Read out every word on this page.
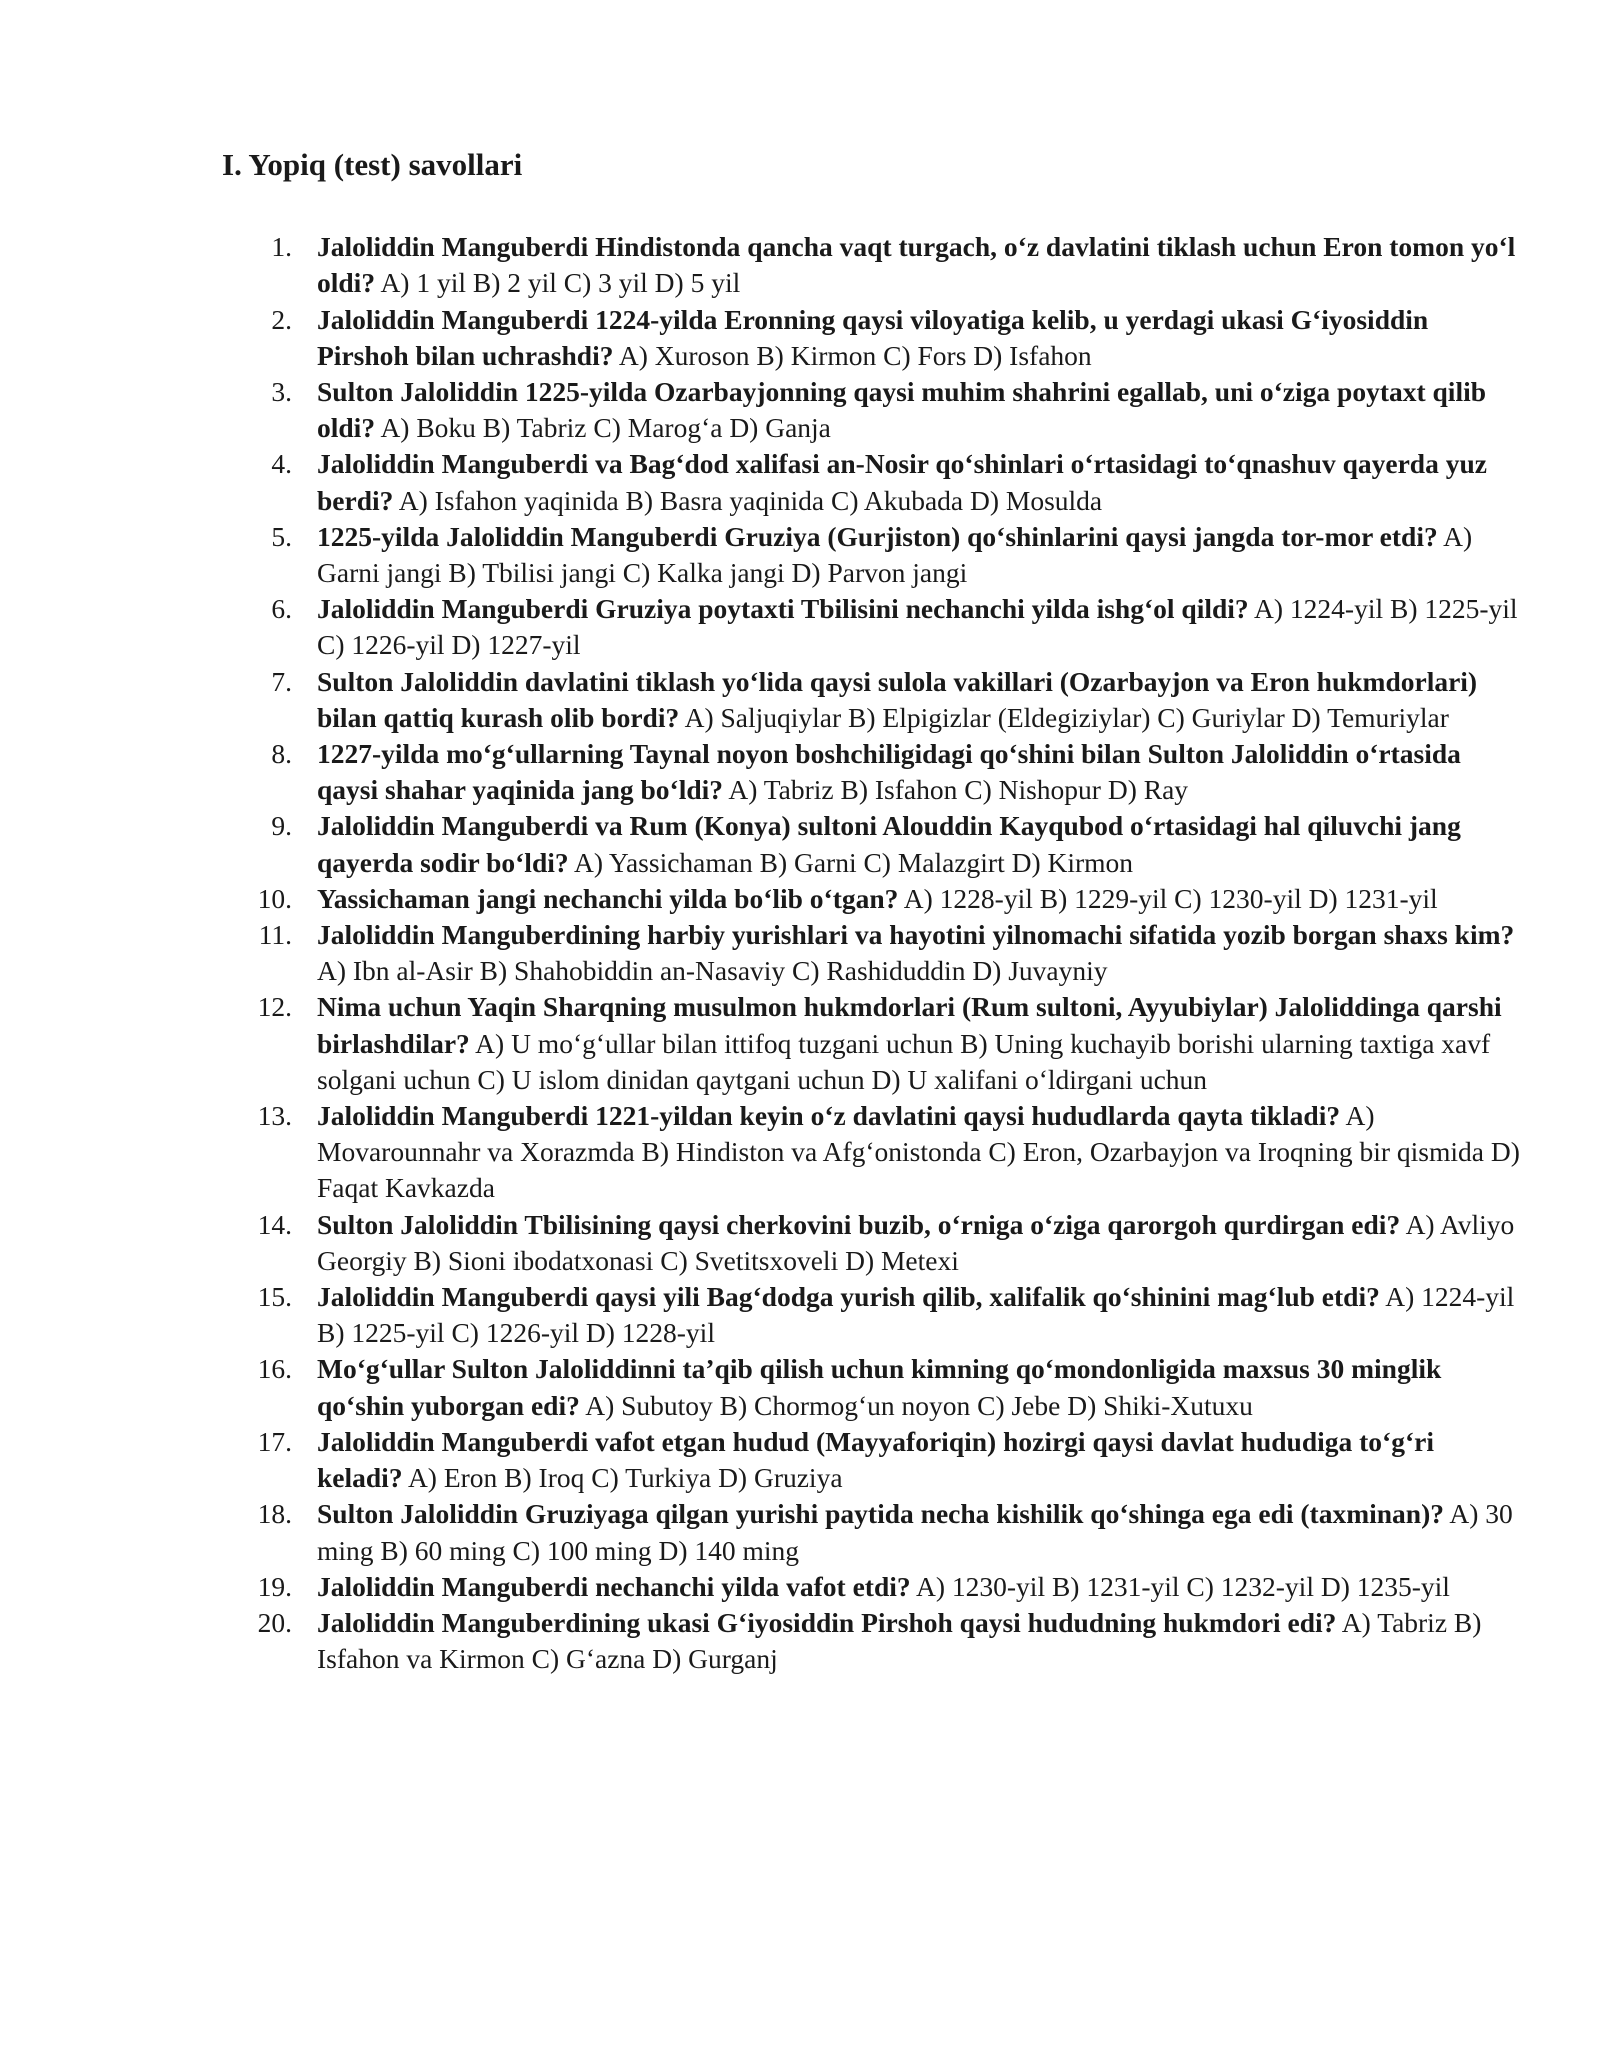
I. Yopiq (test) savollari
1. Jaloliddin Manguberdi Hindistonda qancha vaqt turgach, o‘z davlatini tiklash uchun Eron tomon yo‘l oldi? A) 1 yil B) 2 yil C) 3 yil D) 5 yil
2. Jaloliddin Manguberdi 1224-yilda Eronning qaysi viloyatiga kelib, u yerdagi ukasi G‘iyosiddin Pirshoh bilan uchrashdi? A) Xuroson B) Kirmon C) Fors D) Isfahon
3. Sulton Jaloliddin 1225-yilda Ozarbayjonning qaysi muhim shahrini egallab, uni o‘ziga poytaxt qilib oldi? A) Boku B) Tabriz C) Marog‘a D) Ganja
4. Jaloliddin Manguberdi va Bag‘dod xalifasi an-Nosir qo‘shinlari o‘rtasidagi to‘qnashuv qayerda yuz berdi? A) Isfahon yaqinida B) Basra yaqinida C) Akubada D) Mosulda
5. 1225-yilda Jaloliddin Manguberdi Gruziya (Gurjiston) qo‘shinlarini qaysi jangda tor-mor etdi? A) Garni jangi B) Tbilisi jangi C) Kalka jangi D) Parvon jangi
6. Jaloliddin Manguberdi Gruziya poytaxti Tbilisini nechanchi yilda ishg‘ol qildi? A) 1224-yil B) 1225-yil C) 1226-yil D) 1227-yil
7. Sulton Jaloliddin davlatini tiklash yo‘lida qaysi sulola vakillari (Ozarbayjon va Eron hukmdorlari) bilan qattiq kurash olib bordi? A) Saljuqiylar B) Elpigizlar (Eldegiziylar) C) Guriylar D) Temuriylar
8. 1227-yilda mo‘g‘ullarning Taynal noyon boshchiligidagi qo‘shini bilan Sulton Jaloliddin o‘rtasida qaysi shahar yaqinida jang bo‘ldi? A) Tabriz B) Isfahon C) Nishopur D) Ray
9. Jaloliddin Manguberdi va Rum (Konya) sultoni Alouddin Kayqubod o‘rtasidagi hal qiluvchi jang qayerda sodir bo‘ldi? A) Yassichaman B) Garni C) Malazgirt D) Kirmon
10. Yassichaman jangi nechanchi yilda bo‘lib o‘tgan? A) 1228-yil B) 1229-yil C) 1230-yil D) 1231-yil
11. Jaloliddin Manguberdining harbiy yurishlari va hayotini yilnomachi sifatida yozib borgan shaxs kim? A) Ibn al-Asir B) Shahobiddin an-Nasaviy C) Rashiduddin D) Juvayniy
12. Nima uchun Yaqin Sharqning musulmon hukmdorlari (Rum sultoni, Ayyubiylar) Jaloliddinga qarshi birlashdilar? A) U mo‘g‘ullar bilan ittifoq tuzgani uchun B) Uning kuchayib borishi ularning taxtiga xavf solgani uchun C) U islom dinidan qaytgani uchun D) U xalifani o‘ldirgani uchun
13. Jaloliddin Manguberdi 1221-yildan keyin o‘z davlatini qaysi hududlarda qayta tikladi? A) Movarounnahr va Xorazmda B) Hindiston va Afg‘onistonda C) Eron, Ozarbayjon va Iroqning bir qismida D) Faqat Kavkazda
14. Sulton Jaloliddin Tbilisining qaysi cherkovini buzib, o‘rniga o‘ziga qarorgoh qurdirgan edi? A) Avliyo Georgiy B) Sioni ibodatxonasi C) Svetitsxoveli D) Metexi
15. Jaloliddin Manguberdi qaysi yili Bag‘dodga yurish qilib, xalifalik qo‘shinini mag‘lub etdi? A) 1224-yil B) 1225-yil C) 1226-yil D) 1228-yil
16. Mo‘g‘ullar Sulton Jaloliddinni ta’qib qilish uchun kimning qo‘mondonligida maxsus 30 minglik qo‘shin yuborgan edi? A) Subutoy B) Chormog‘un noyon C) Jebe D) Shiki-Xutuxu
17. Jaloliddin Manguberdi vafot etgan hudud (Mayyaforiqin) hozirgi qaysi davlat hududiga to‘g‘ri keladi? A) Eron B) Iroq C) Turkiya D) Gruziya
18. Sulton Jaloliddin Gruziyaga qilgan yurishi paytida necha kishilik qo‘shinga ega edi (taxminan)? A) 30 ming B) 60 ming C) 100 ming D) 140 ming
19. Jaloliddin Manguberdi nechanchi yilda vafot etdi? A) 1230-yil B) 1231-yil C) 1232-yil D) 1235-yil
20. Jaloliddin Manguberdining ukasi G‘iyosiddin Pirshoh qaysi hududning hukmdori edi? A) Tabriz B) Isfahon va Kirmon C) G‘azna D) Gurganj
